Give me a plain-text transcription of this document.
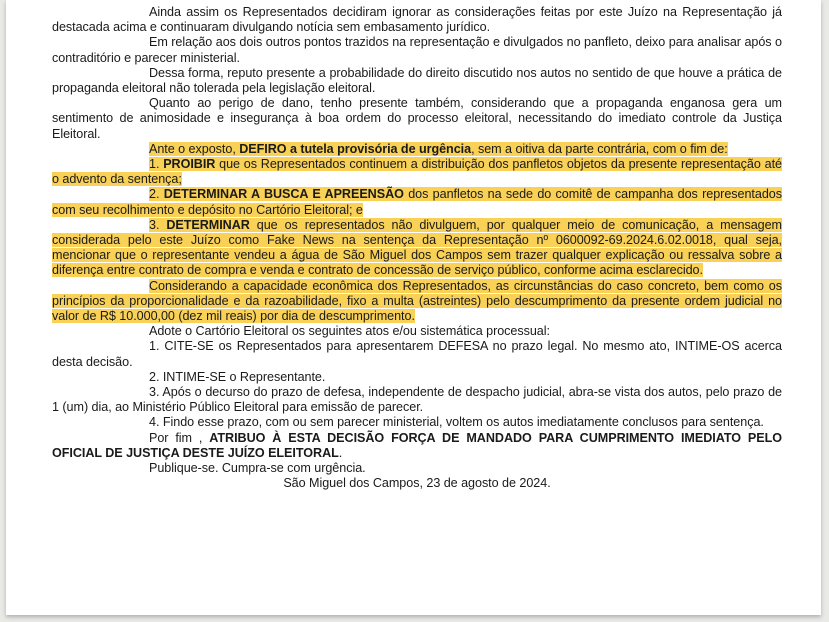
Ainda assim os Representados decidiram ignorar as considerações feitas por este Juízo na Representação já destacada acima e continuaram divulgando notícia sem embasamento jurídico.
Em relação aos dois outros pontos trazidos na representação e divulgados no panfleto, deixo para analisar após o contraditório e parecer ministerial.
Dessa forma, reputo presente a probabilidade do direito discutido nos autos no sentido de que houve a prática de propaganda eleitoral não tolerada pela legislação eleitoral.
Quanto ao perigo de dano, tenho presente também, considerando que a propaganda enganosa gera um sentimento de animosidade e insegurança à boa ordem do processo eleitoral, necessitando do imediato controle da Justiça Eleitoral.
Ante o exposto, DEFIRO a tutela provisória de urgência, sem a oitiva da parte contrária, com o fim de:
1. PROIBIR que os Representados continuem a distribuição dos panfletos objetos da presente representação até o advento da sentença;
2. DETERMINAR A BUSCA E APREENSÃO dos panfletos na sede do comitê de campanha dos representados com seu recolhimento e depósito no Cartório Eleitoral; e
3. DETERMINAR que os representados não divulguem, por qualquer meio de comunicação, a mensagem considerada pelo este Juízo como Fake News na sentença da Representação nº 0600092-69.2024.6.02.0018, qual seja, mencionar que o representante vendeu a água de São Miguel dos Campos sem trazer qualquer explicação ou ressalva sobre a diferença entre contrato de compra e venda e contrato de concessão de serviço público, conforme acima esclarecido.
Considerando a capacidade econômica dos Representados, as circunstâncias do caso concreto, bem como os princípios da proporcionalidade e da razoabilidade, fixo a multa (astreintes) pelo descumprimento da presente ordem judicial no valor de R$ 10.000,00 (dez mil reais) por dia de descumprimento.
Adote o Cartório Eleitoral os seguintes atos e/ou sistemática processual:
1. CITE-SE os Representados para apresentarem DEFESA no prazo legal. No mesmo ato, INTIME-OS acerca desta decisão.
2. INTIME-SE o Representante.
3. Após o decurso do prazo de defesa, independente de despacho judicial, abra-se vista dos autos, pelo prazo de 1 (um) dia, ao Ministério Público Eleitoral para emissão de parecer.
4. Findo esse prazo, com ou sem parecer ministerial, voltem os autos imediatamente conclusos para sentença.
Por fim , ATRIBUO À ESTA DECISÃO FORÇA DE MANDADO PARA CUMPRIMENTO IMEDIATO PELO OFICIAL DE JUSTIÇA DESTE JUÍZO ELEITORAL.
Publique-se. Cumpra-se com urgência.
São Miguel dos Campos, 23 de agosto de 2024.
